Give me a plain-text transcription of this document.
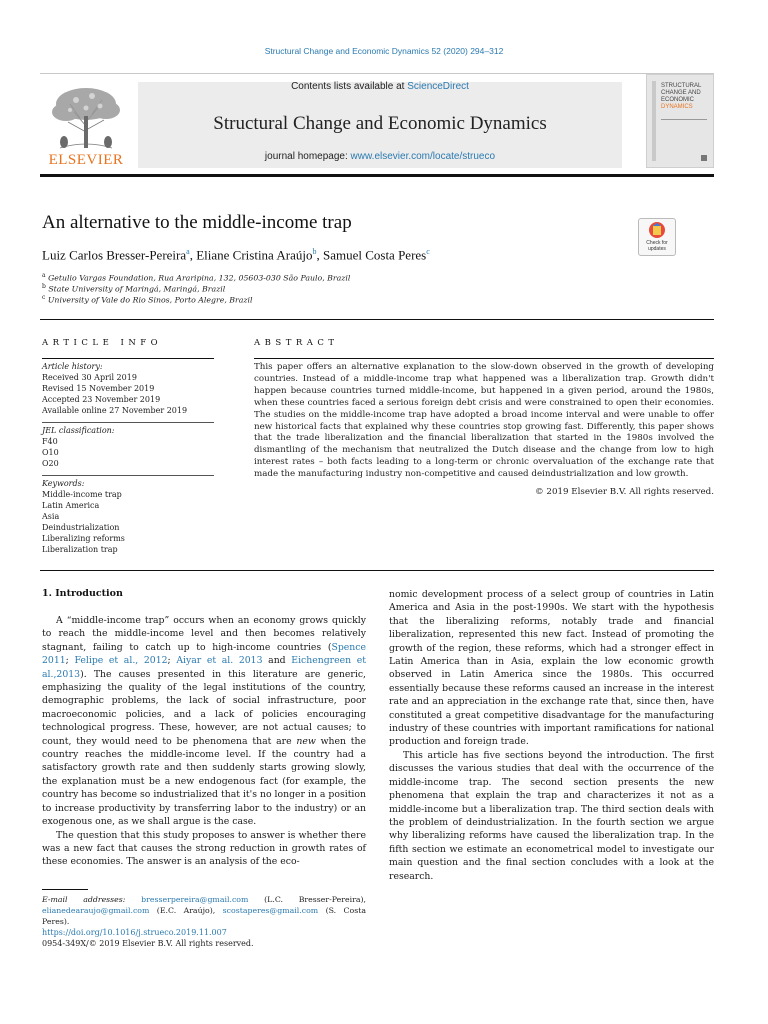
Structural Change and Economic Dynamics 52 (2020) 294–312
ELSEVIER
Contents lists available at ScienceDirect
Structural Change and Economic Dynamics
journal homepage: www.elsevier.com/locate/strueco
STRUCTURAL
CHANGE AND
ECONOMIC
DYNAMICS
An alternative to the middle-income trap
Check for
updates
Luiz Carlos Bresser-Pereira$^a$, Eliane Cristina Araújo$^b$, Samuel Costa Peres$^c$
$^a$ Getulio Vargas Foundation, Rua Araripina, 132, 05603-030 São Paulo, Brazil
$^b$ State University of Maringá, Maringá, Brazil
$^c$ University of Vale do Rio Sinos, Porto Alegre, Brazil
ARTICLE INFO
Article history:
Received 30 April 2019
Revised 15 November 2019
Accepted 23 November 2019
Available online 27 November 2019
JEL classification:
F40
O10
O20
Keywords:
Middle-income trap
Latin America
Asia
Deindustrialization
Liberalizing reforms
Liberalization trap
ABSTRACT
This paper offers an alternative explanation to the slow-down observed in the growth of developing countries. Instead of a middle-income trap what happened was a liberalization trap. Growth didn't happen because countries turned middle-income, but happened in a given period, around the 1980s, when these countries faced a serious foreign debt crisis and were constrained to open their economies. The studies on the middle-income trap have adopted a broad income interval and were unable to offer new historical facts that explained why these countries stop growing fast. Differently, this paper shows that the trade liberalization and the financial liberalization that started in the 1980s involved the dismantling of the mechanism that neutralized the Dutch disease and the change from low to high interest rates – both facts leading to a long-term or chronic overvaluation of the exchange rate that made the manufacturing industry non-competitive and caused deindustrialization and low growth.
© 2019 Elsevier B.V. All rights reserved.
1. Introduction

A “middle-income trap” occurs when an economy grows quickly to reach the middle-income level and then becomes relatively stagnant, failing to catch up to high-income countries (Spence 2011; Felipe et al., 2012; Aiyar et al. 2013 and Eichengreen et al.,2013). The causes presented in this literature are generic, emphasizing the quality of the legal institutions of the country, demographic problems, the lack of social infrastructure, poor macroeconomic policies, and a lack of policies encouraging technological progress. These, however, are not actual causes; to count, they would need to be phenomena that are new when the country reaches the middle-income level. If the country had a satisfactory growth rate and then suddenly starts growing slowly, the explanation must be a new endogenous fact (for example, the country has become so industrialized that it's no longer in a position to increase productivity by transferring labor to the industry) or an exogenous one, as we shall argue is the case.

The question that this study proposes to answer is whether there was a new fact that causes the strong reduction in growth rates of these economies. The answer is an analysis of the eco-

nomic development process of a select group of countries in Latin America and Asia in the post-1990s. We start with the hypothesis that the liberalizing reforms, notably trade and financial liberalization, represented this new fact. Instead of promoting the growth of the region, these reforms, which had a stronger effect in Latin America than in Asia, explain the low economic growth observed in Latin America since the 1980s. This occurred essentially because these reforms caused an increase in the interest rate and an appreciation in the exchange rate that, since then, have constituted a great competitive disadvantage for the manufacturing industry of these countries with important ramifications for national production and foreign trade.

This article has five sections beyond the introduction. The first discusses the various studies that deal with the occurrence of the middle-income trap. The second section presents the new phenomena that explain the trap and characterizes it not as a middle-income but a liberalization trap. The third section deals with the problem of deindustrialization. In the fourth section we argue why liberalizing reforms have caused the liberalization trap. In the fifth section we estimate an econometrical model to investigate our main question and the final section concludes with a look at the research.

E-mail addresses: bresserpereira@gmail.com (L.C. Bresser-Pereira), elianedearaujo@gmail.com (E.C. Araújo), scostaperes@gmail.com (S. Costa Peres).
https://doi.org/10.1016/j.strueco.2019.11.007
0954-349X/© 2019 Elsevier B.V. All rights reserved.
